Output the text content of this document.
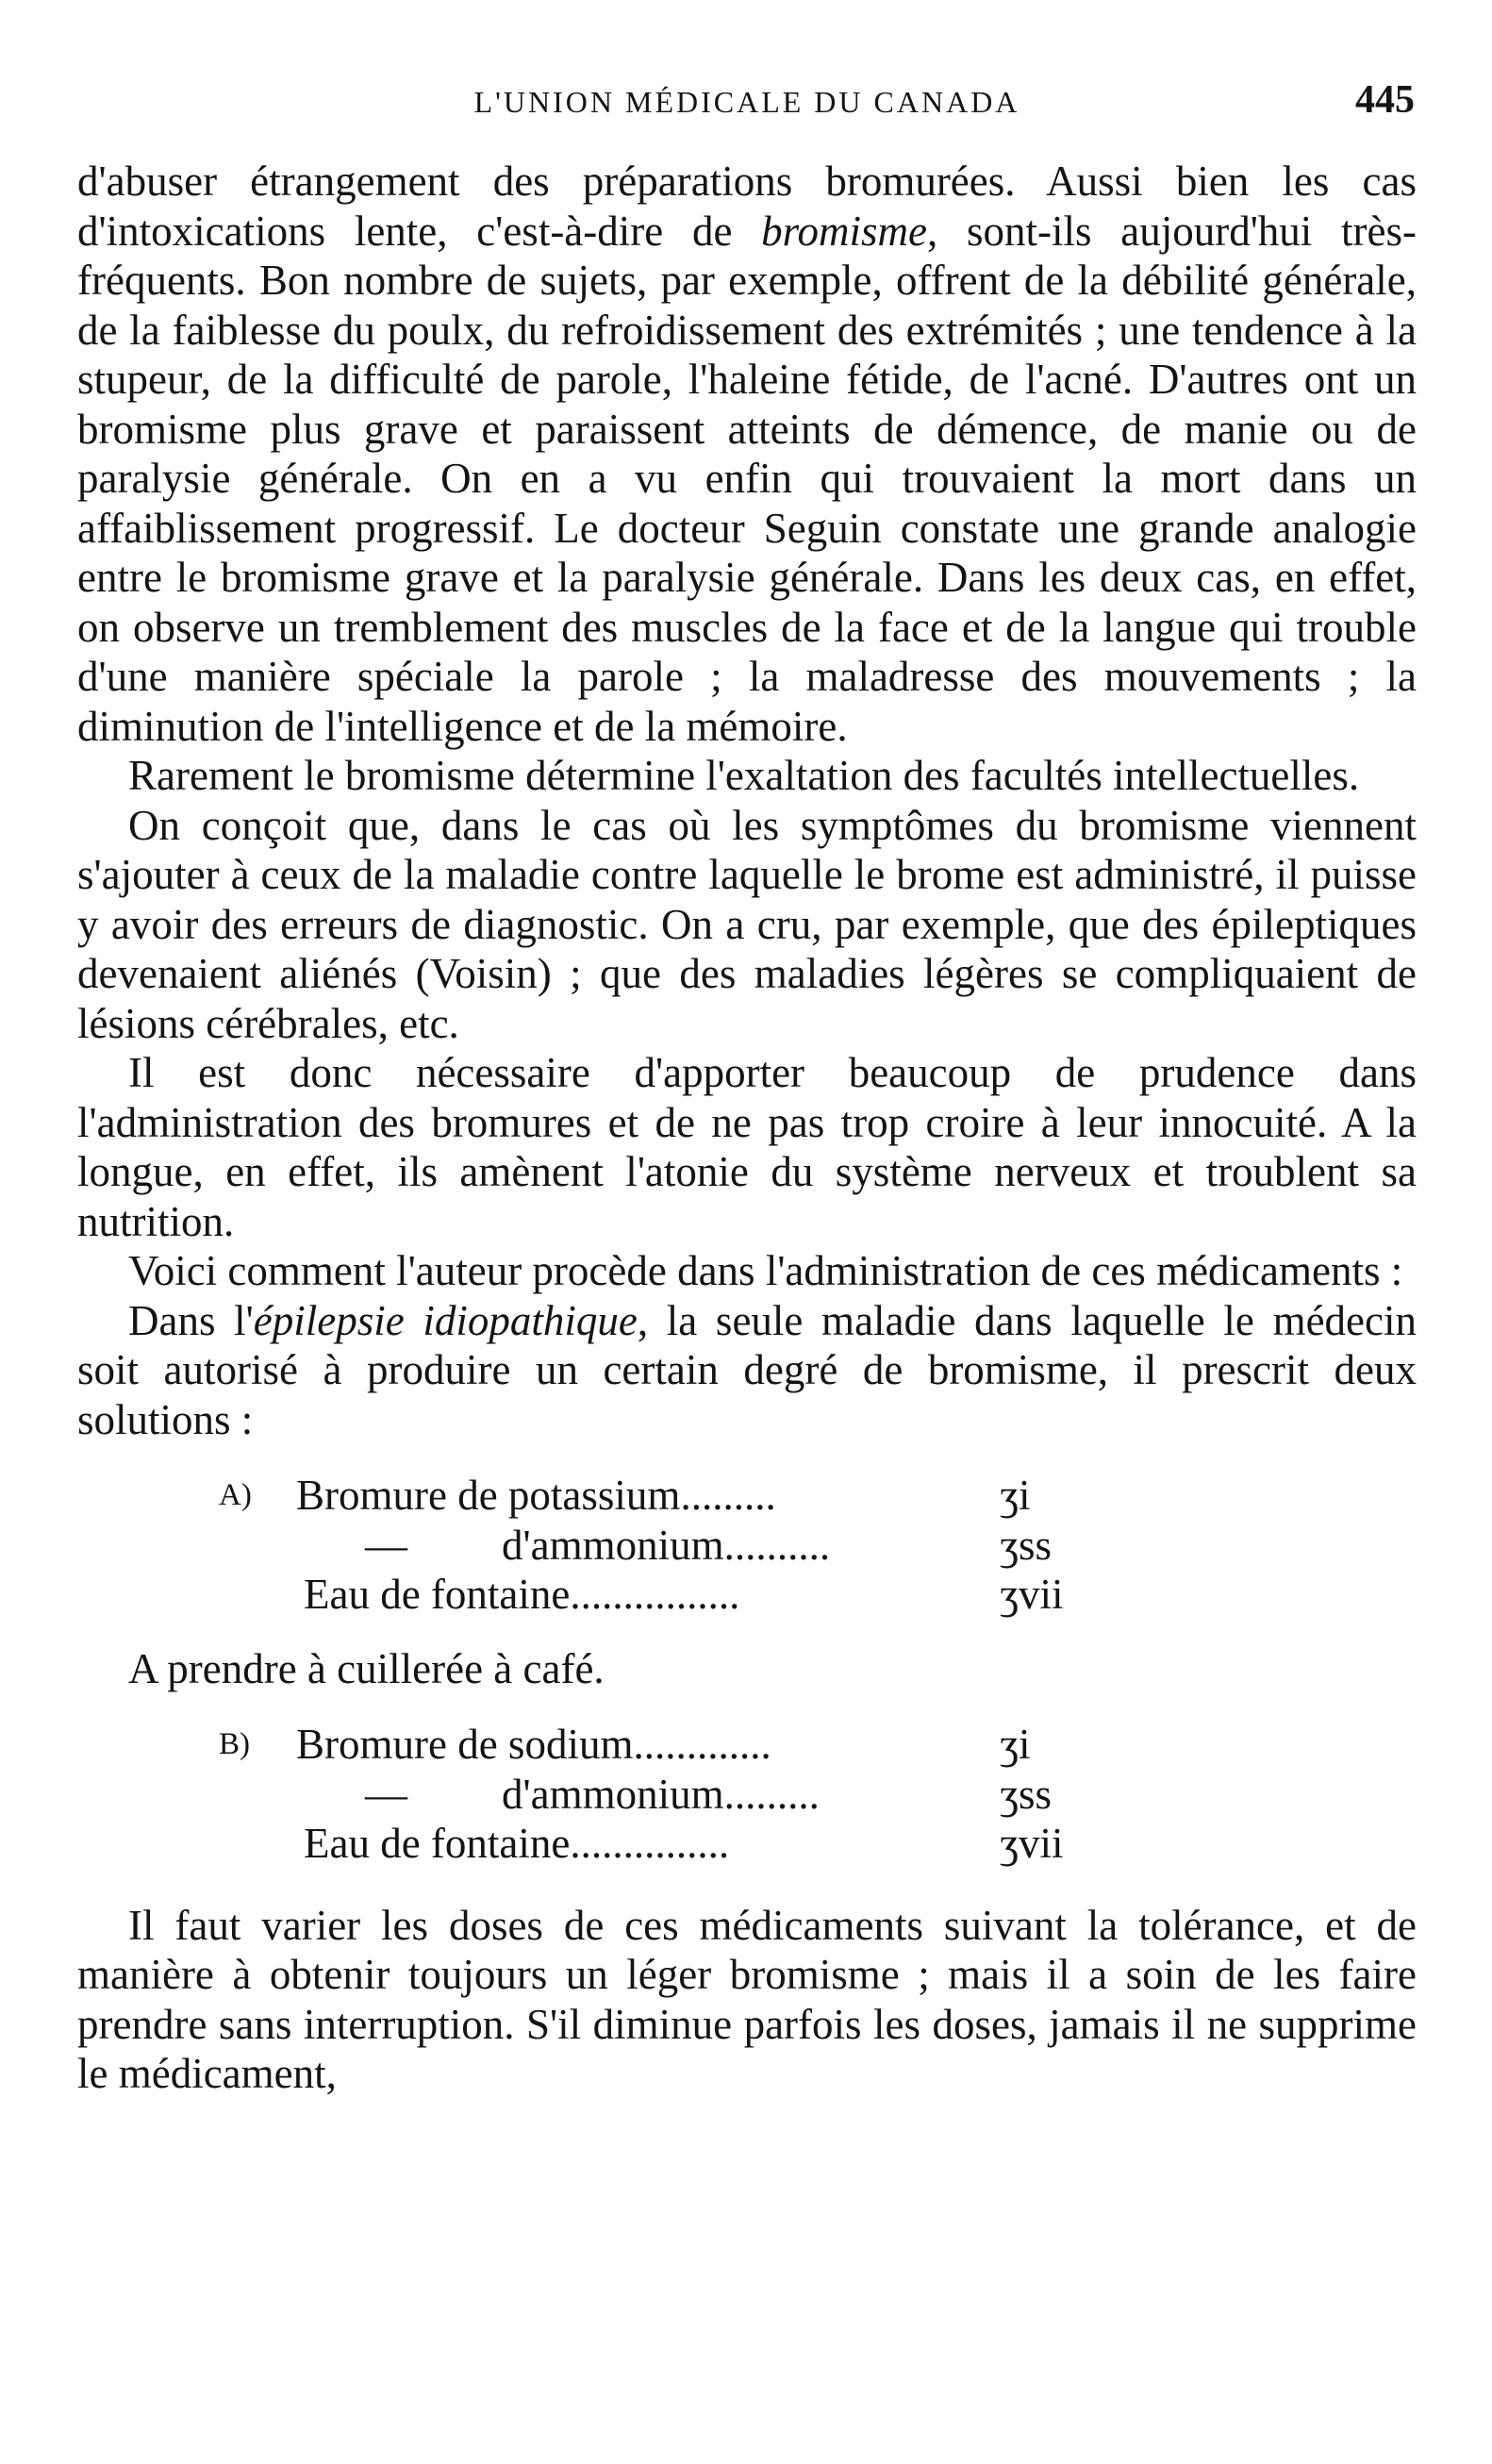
L'UNION MÉDICALE DU CANADA	445

d'abuser étrangement des préparations bromurées. Aussi bien les cas d'intoxications lente, c'est-à-dire de bromisme, sont-ils aujourd'hui très-fréquents. Bon nombre de sujets, par exemple, offrent de la débilité générale, de la faiblesse du poulx, du refroidissement des extrémités ; une tendence à la stupeur, de la difficulté de parole, l'haleine fétide, de l'acné. D'autres ont un bromisme plus grave et paraissent atteints de démence, de manie ou de paralysie générale. On en a vu enfin qui trouvaient la mort dans un affaiblissement progressif. Le docteur Seguin constate une grande analogie entre le bromisme grave et la paralysie générale. Dans les deux cas, en effet, on observe un tremblement des muscles de la face et de la langue qui trouble d'une manière spéciale la parole ; la maladresse des mouvements ; la diminution de l'intelligence et de la mémoire.

Rarement le bromisme détermine l'exaltation des facultés intellectuelles.

On conçoit que, dans le cas où les symptômes du bromisme viennent s'ajouter à ceux de la maladie contre laquelle le brome est administré, il puisse y avoir des erreurs de diagnostic. On a cru, par exemple, que des épileptiques devenaient aliénés (Voisin) ; que des maladies légères se compliquaient de lésions cérébrales, etc.

Il est donc nécessaire d'apporter beaucoup de prudence dans l'administration des bromures et de ne pas trop croire à leur innocuité. A la longue, en effet, ils amènent l'atonie du système nerveux et troublent sa nutrition.

Voici comment l'auteur procède dans l'administration de ces médicaments :

Dans l'épilepsie idiopathique, la seule maladie dans laquelle le médecin soit autorisé à produire un certain degré de bromisme, il prescrit deux solutions :

A) Bromure de potassium.........	ʒi
— d'ammonium..........	ʒss
Eau de fontaine................	ʒvii

A prendre à cuillerée à café.

B) Bromure de sodium.............	ʒi
— d'ammonium.........	ʒss
Eau de fontaine...............	ʒvii

Il faut varier les doses de ces médicaments suivant la tolérance, et de manière à obtenir toujours un léger bromisme ; mais il a soin de les faire prendre sans interruption. S'il diminue parfois les doses, jamais il ne supprime le médicament,
